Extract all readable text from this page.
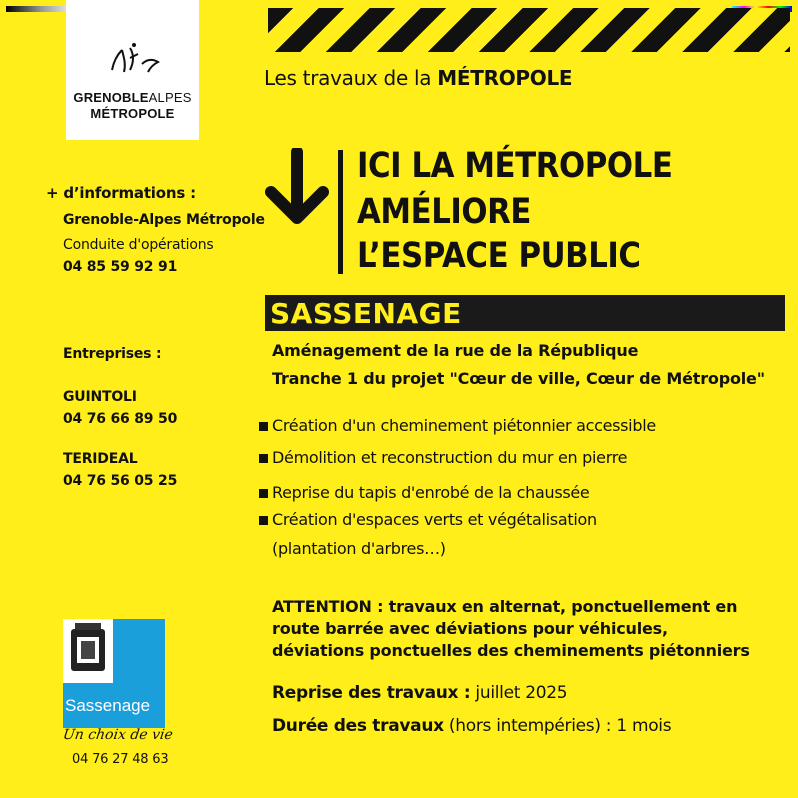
GRENOBLEALPES
MÉTROPOLE
Les travaux de la MÉTROPOLE
ICI LA MÉTROPOLE
AMÉLIORE
L’ESPACE PUBLIC
SASSENAGE
Aménagement de la rue de la République
Tranche 1 du projet "Cœur de ville, Cœur de Métropole"
Création d'un cheminement piétonnier accessible
Démolition et reconstruction du mur en pierre
Reprise du tapis d'enrobé de la chaussée
Création d'espaces verts et végétalisation
(plantation d'arbres…)
ATTENTION : travaux en alternat, ponctuellement en
route barrée avec déviations pour véhicules,
déviations ponctuelles des cheminements piétonniers
Reprise des travaux : juillet 2025
Durée des travaux (hors intempéries) : 1 mois
+ d’informations :
Grenoble-Alpes Métropole
Conduite d'opérations
04 85 59 92 91
Entreprises :
GUINTOLI
04 76 66 89 50
TERIDEAL
04 76 56 05 25
Sassenage
Un choix de vie
04 76 27 48 63
